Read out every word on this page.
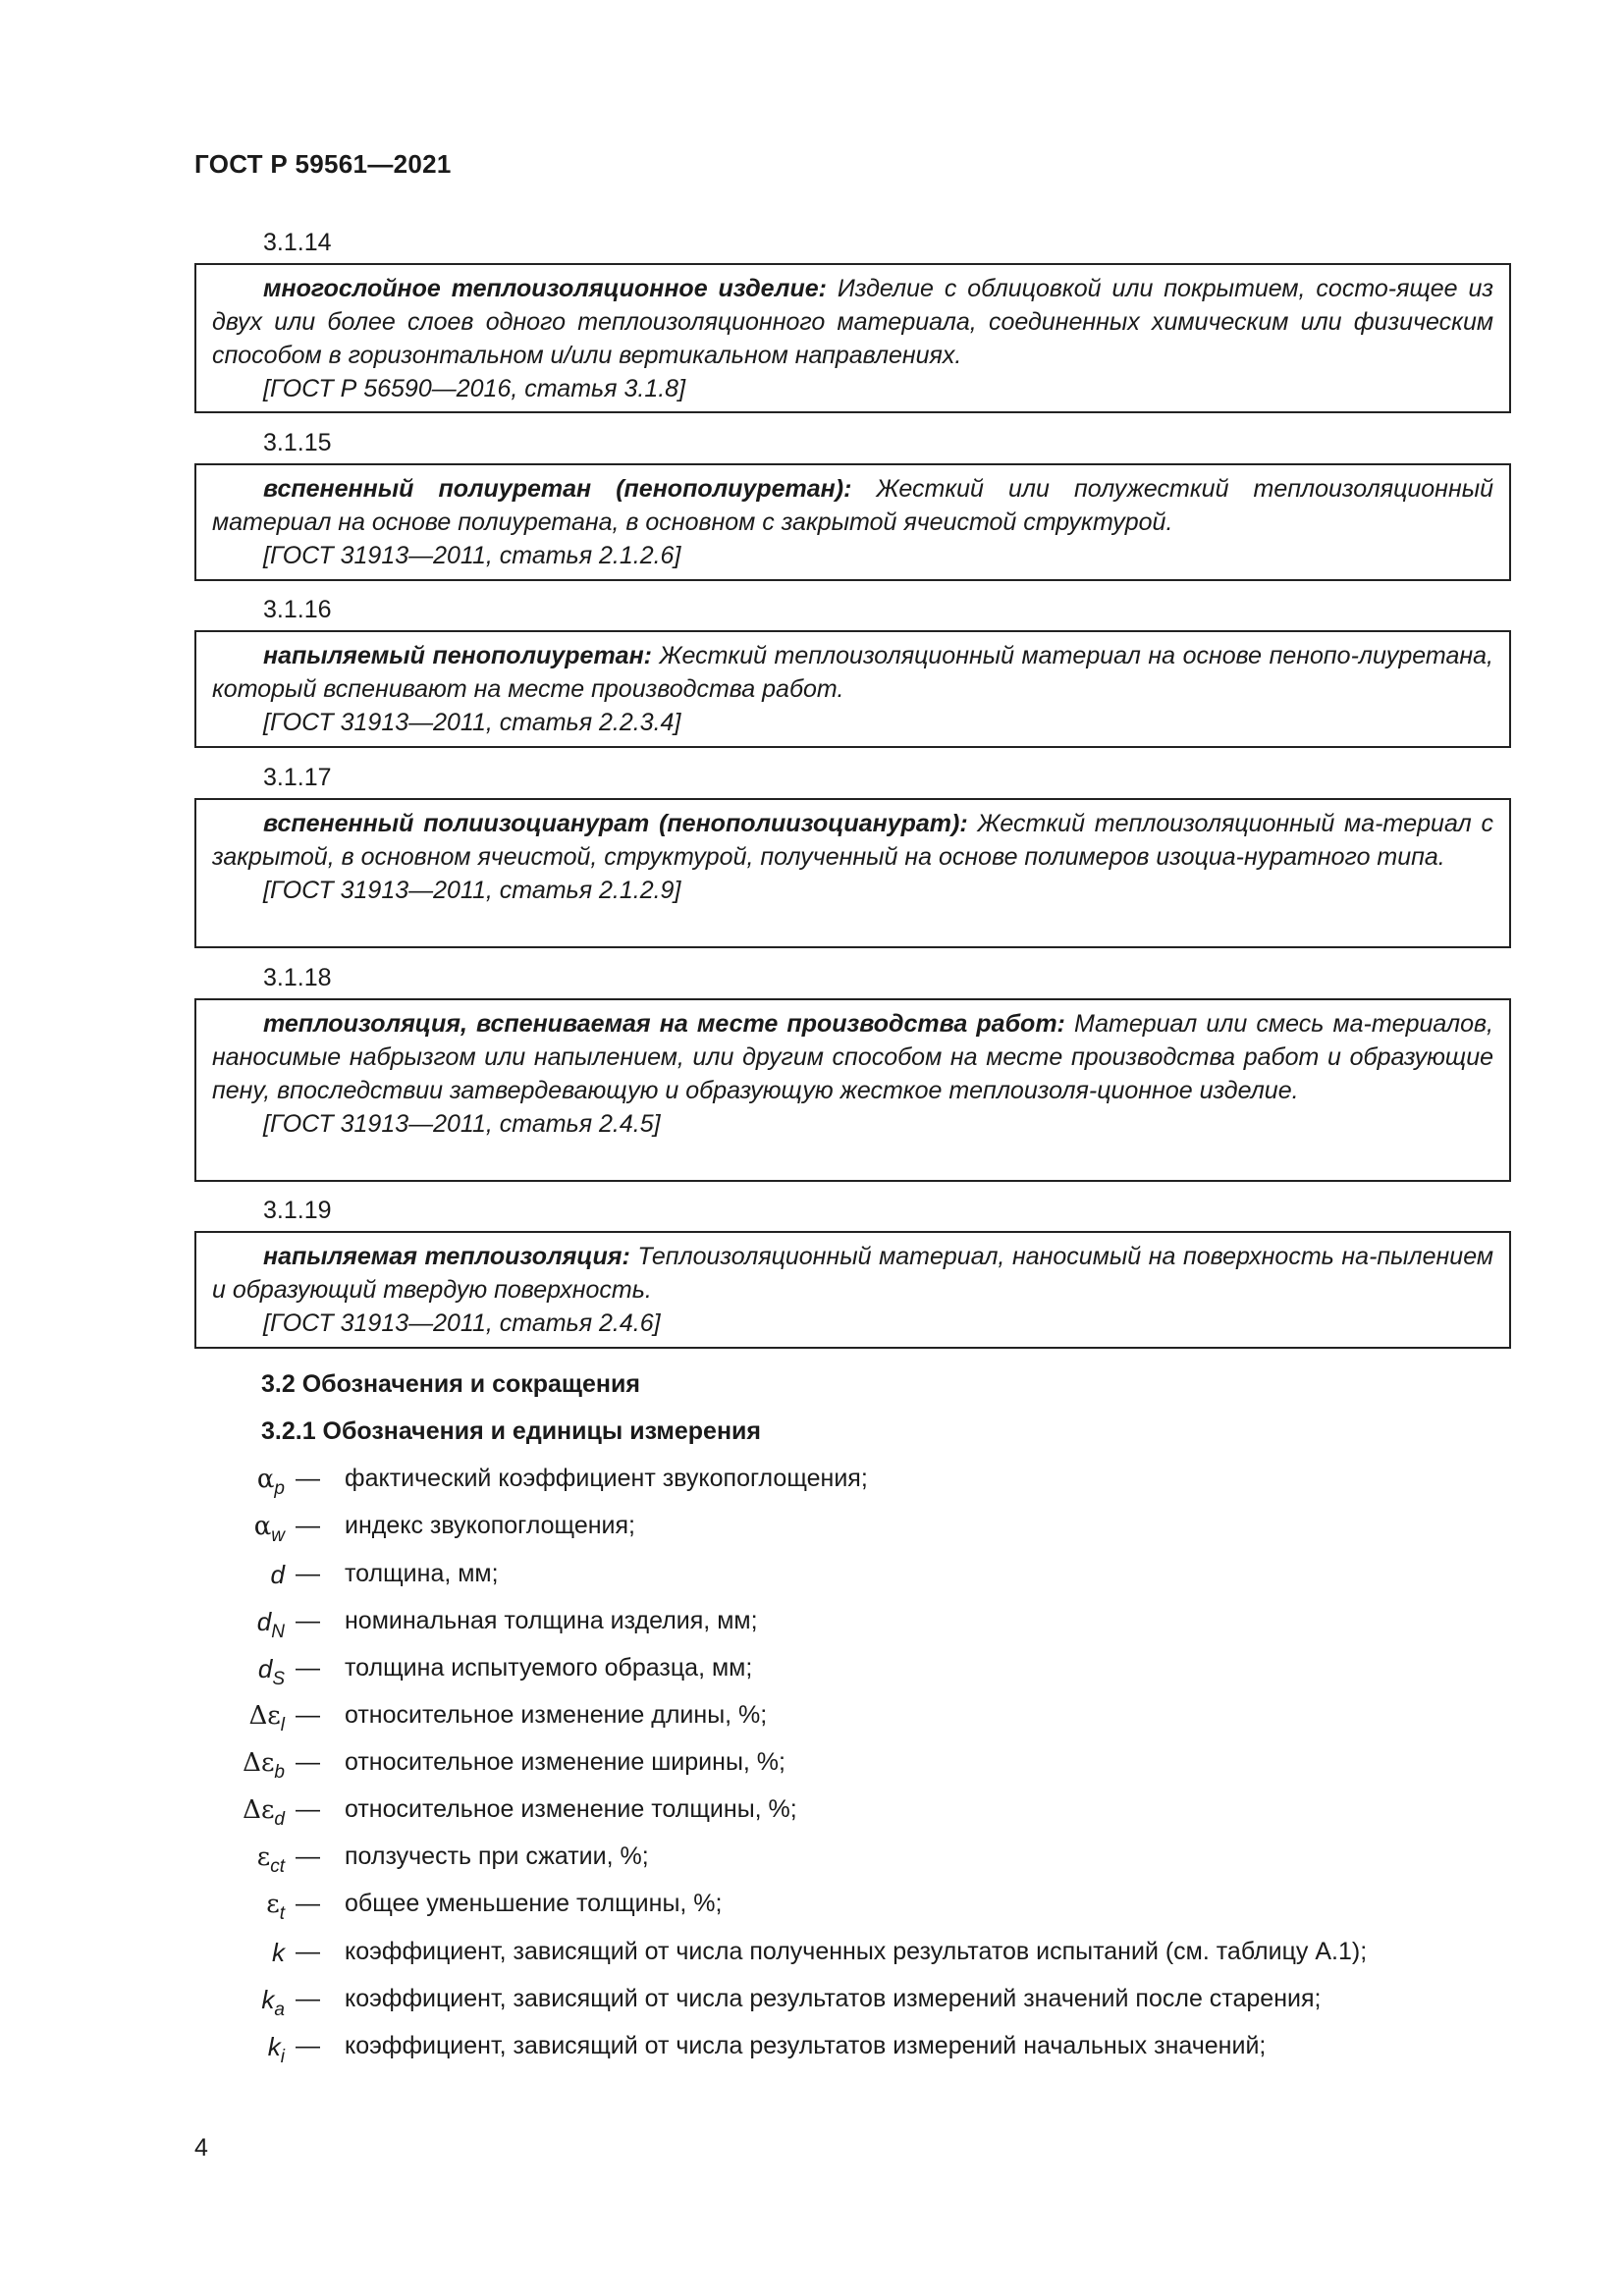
ГОСТ Р 59561—2021
3.1.14

многослойное теплоизоляционное изделие: Изделие с облицовкой или покрытием, состо-ящее из двух или более слоев одного теплоизоляционного материала, соединенных химическим или физическим способом в горизонтальном и/или вертикальном направлениях.

[ГОСТ Р 56590—2016, статья 3.1.8]

3.1.15

вспененный полиуретан (пенополиуретан): Жесткий или полужесткий теплоизоляционный материал на основе полиуретана, в основном с закрытой ячеистой структурой.

[ГОСТ 31913—2011, статья 2.1.2.6]

3.1.16

напыляемый пенополиуретан: Жесткий теплоизоляционный материал на основе пенопо-лиуретана, который вспенивают на месте производства работ.

[ГОСТ 31913—2011, статья 2.2.3.4]

3.1.17

вспененный полиизоцианурат (пенополиизоцианурат): Жесткий теплоизоляционный ма-териал с закрытой, в основном ячеистой, структурой, полученный на основе полимеров изоциа-нуратного типа.

[ГОСТ 31913—2011, статья 2.1.2.9]

3.1.18

теплоизоляция, вспениваемая на месте производства работ: Материал или смесь ма-териалов, наносимые набрызгом или напылением, или другим способом на месте производства работ и образующие пену, впоследствии затвердевающую и образующую жесткое теплоизоля-ционное изделие.

[ГОСТ 31913—2011, статья 2.4.5]

3.1.19

напыляемая теплоизоляция: Теплоизоляционный материал, наносимый на поверхность на-пылением и образующий твердую поверхность.

[ГОСТ 31913—2011, статья 2.4.6]

3.2 Обозначения и сокращения
3.2.1 Обозначения и единицы измерения
$\alpha_p$ — фактический коэффициент звукопоглощения;
$\alpha_w$ — индекс звукопоглощения;
d — толщина, мм;
$d_N$ — номинальная толщина изделия, мм;
$d_S$ — толщина испытуемого образца, мм;
$\Delta\varepsilon_l$ — относительное изменение длины, %;
$\Delta\varepsilon_b$ — относительное изменение ширины, %;
$\Delta\varepsilon_d$ — относительное изменение толщины, %;
$\varepsilon_{ct}$ — ползучесть при сжатии, %;
$\varepsilon_t$ — общее уменьшение толщины, %;
k — коэффициент, зависящий от числа полученных результатов испытаний (см. таблицу А.1);
$k_a$ — коэффициент, зависящий от числа результатов измерений значений после старения;
$k_i$ — коэффициент, зависящий от числа результатов измерений начальных значений;
4
